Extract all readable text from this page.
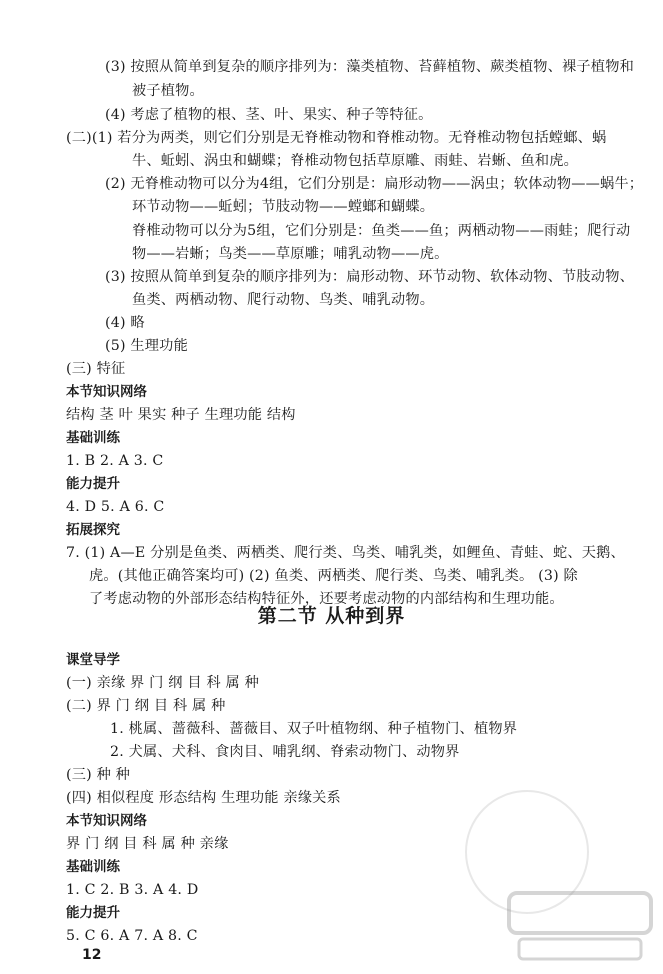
(3) 按照从简单到复杂的顺序排列为：藻类植物、苔藓植物、蕨类植物、裸子植物和
被子植物。
(4) 考虑了植物的根、茎、叶、果实、种子等特征。
(二)(1) 若分为两类，则它们分别是无脊椎动物和脊椎动物。无脊椎动物包括螳螂、蜗
牛、蚯蚓、涡虫和蝴蝶；脊椎动物包括草原雕、雨蛙、岩蜥、鱼和虎。
(2) 无脊椎动物可以分为4组，它们分别是：扁形动物——涡虫；软体动物——蜗牛；
环节动物——蚯蚓；节肢动物——螳螂和蝴蝶。
脊椎动物可以分为5组，它们分别是：鱼类——鱼；两栖动物——雨蛙；爬行动
物——岩蜥；鸟类——草原雕；哺乳动物——虎。
(3) 按照从简单到复杂的顺序排列为：扁形动物、环节动物、软体动物、节肢动物、
鱼类、两栖动物、爬行动物、鸟类、哺乳动物。
(4) 略
(5) 生理功能
(三) 特征
本节知识网络
结构 茎 叶 果实 种子 生理功能 结构
基础训练
1. B 2. A 3. C
能力提升
4. D 5. A 6. C
拓展探究
7. (1) A—E 分别是鱼类、两栖类、爬行类、鸟类、哺乳类，如鲤鱼、青蛙、蛇、天鹅、
虎。(其他正确答案均可) (2) 鱼类、两栖类、爬行类、鸟类、哺乳类。 (3) 除
了考虑动物的外部形态结构特征外，还要考虑动物的内部结构和生理功能。
第二节 从种到界
课堂导学
(一) 亲缘 界 门 纲 目 科 属 种
(二) 界 门 纲 目 科 属 种
1. 桃属、蔷薇科、蔷薇目、双子叶植物纲、种子植物门、植物界
2. 犬属、犬科、食肉目、哺乳纲、脊索动物门、动物界
(三) 种 种
(四) 相似程度 形态结构 生理功能 亲缘关系
本节知识网络
界 门 纲 目 科 属 种 亲缘
基础训练
1. C 2. B 3. A 4. D
能力提升
5. C 6. A 7. A 8. C
12
